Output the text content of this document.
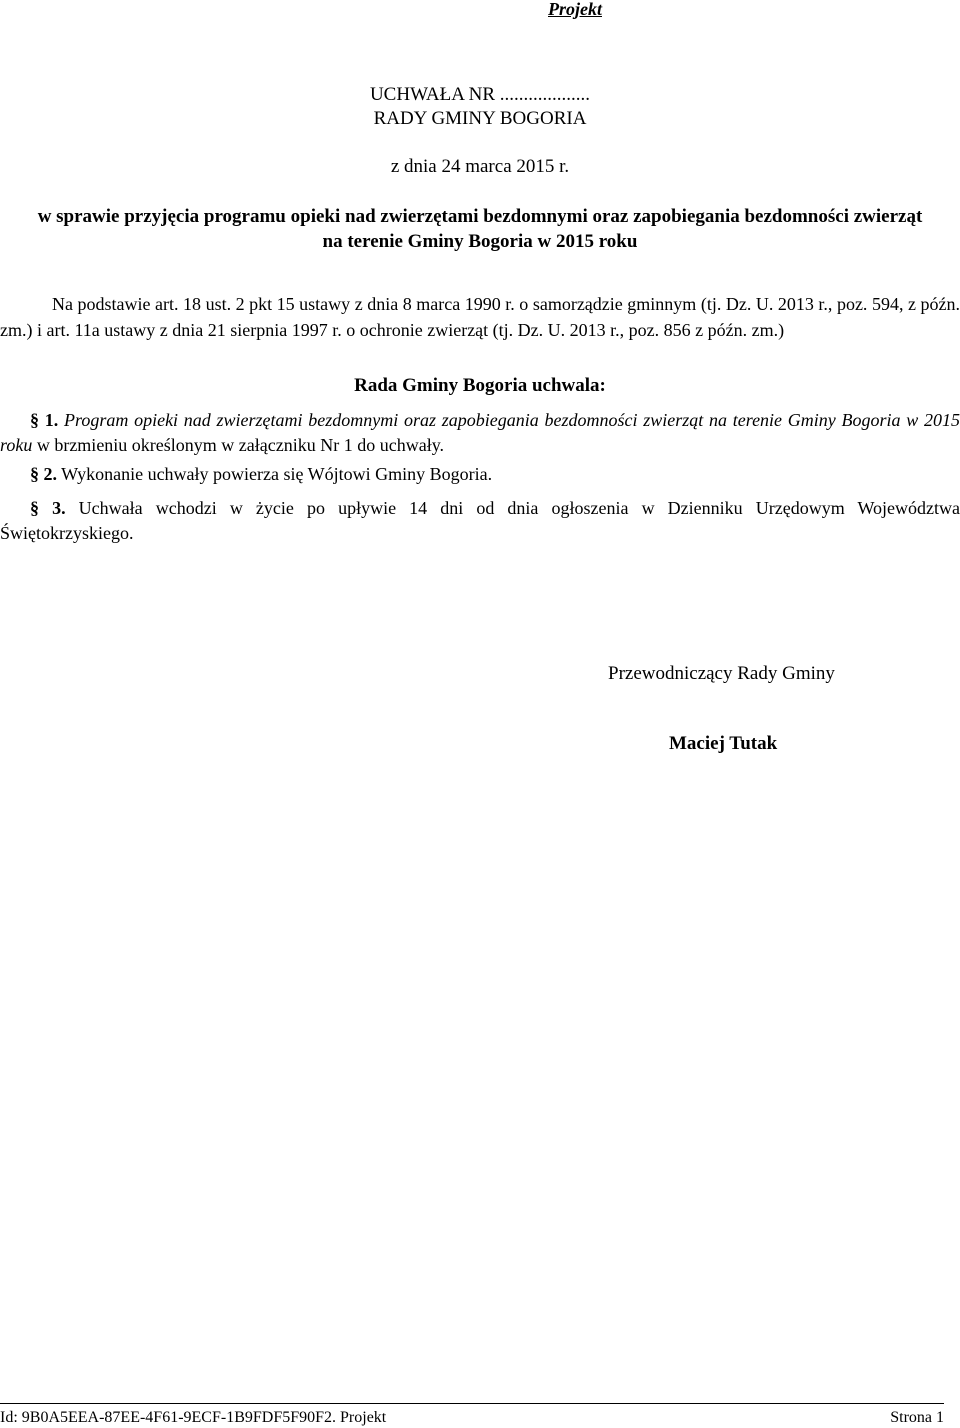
Projekt
UCHWAŁA NR ...................
RADY GMINY BOGORIA
z dnia 24 marca 2015 r.
w sprawie przyjęcia programu opieki nad zwierzętami bezdomnymi oraz zapobiegania bezdomności zwierząt na terenie Gminy Bogoria w 2015 roku
Na podstawie art. 18 ust. 2 pkt 15 ustawy z dnia 8 marca 1990 r. o samorządzie gminnym (tj. Dz. U. 2013 r., poz. 594, z późn. zm.) i art. 11a ustawy z dnia 21 sierpnia 1997 r. o ochronie zwierząt (tj. Dz. U. 2013 r., poz. 856 z późn. zm.)
Rada Gminy Bogoria uchwala:
§ 1. Program opieki nad zwierzętami bezdomnymi oraz zapobiegania bezdomności zwierząt na terenie Gminy Bogoria w 2015 roku w brzmieniu określonym w załączniku Nr 1 do uchwały.
§ 2. Wykonanie uchwały powierza się Wójtowi Gminy Bogoria.
§ 3. Uchwała wchodzi w życie po upływie 14 dni od dnia ogłoszenia w Dzienniku Urzędowym Województwa Świętokrzyskiego.
Przewodniczący Rady Gminy
Maciej Tutak
Id: 9B0A5EEA-87EE-4F61-9ECF-1B9FDF5F90F2. Projekt	Strona 1
